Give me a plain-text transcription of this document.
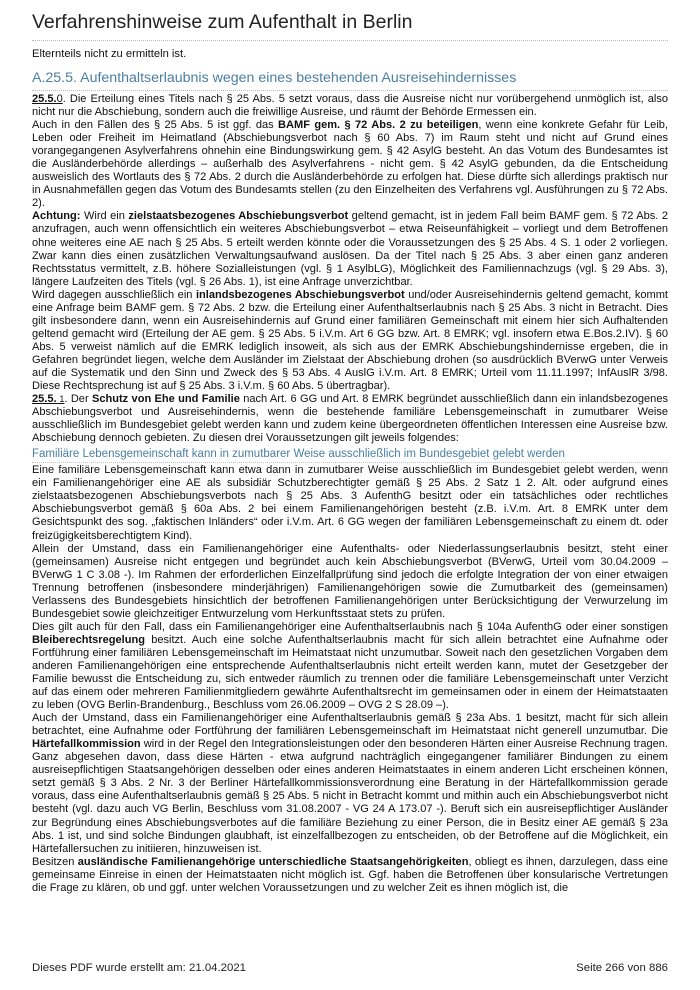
Verfahrenshinweise zum Aufenthalt in Berlin

Elternteils nicht zu ermitteln ist.

A.25.5. Aufenthaltserlaubnis wegen eines bestehenden Ausreisehindernisses

25.5.0. Die Erteilung eines Titels nach § 25 Abs. 5 setzt voraus, dass die Ausreise nicht nur vorübergehend unmöglich ist, also nicht nur die Abschiebung, sondern auch die freiwillige Ausreise, und räumt der Behörde Ermessen ein.

Auch in den Fällen des § 25 Abs. 5 ist ggf. das BAMF gem. § 72 Abs. 2 zu beteiligen, wenn eine konkrete Gefahr für Leib, Leben oder Freiheit im Heimatland (Abschiebungsverbot nach § 60 Abs. 7) im Raum steht und nicht auf Grund eines vorangegangenen Asylverfahrens ohnehin eine Bindungswirkung gem. § 42 AsylG besteht. An das Votum des Bundesamtes ist die Ausländerbehörde allerdings – außerhalb des Asylverfahrens - nicht gem. § 42 AsylG gebunden, da die Entscheidung ausweislich des Wortlauts des § 72 Abs. 2 durch die Ausländerbehörde zu erfolgen hat. Diese dürfte sich allerdings praktisch nur in Ausnahmefällen gegen das Votum des Bundesamts stellen (zu den Einzelheiten des Verfahrens vgl. Ausführungen zu § 72 Abs. 2).

Achtung: Wird ein zielstaatsbezogenes Abschiebungsverbot geltend gemacht, ist in jedem Fall beim BAMF gem. § 72 Abs. 2 anzufragen, auch wenn offensichtlich ein weiteres Abschiebungsverbot – etwa Reiseunfähigkeit – vorliegt und dem Betroffenen ohne weiteres eine AE nach § 25 Abs. 5 erteilt werden könnte oder die Voraussetzungen des § 25 Abs. 4 S. 1 oder 2 vorliegen. Zwar kann dies einen zusätzlichen Verwaltungsaufwand auslösen. Da der Titel nach § 25 Abs. 3 aber einen ganz anderen Rechtsstatus vermittelt, z.B. höhere Sozialleistungen (vgl. § 1 AsylbLG), Möglichkeit des Familiennachzugs (vgl. § 29 Abs. 3), längere Laufzeiten des Titels (vgl. § 26 Abs. 1), ist eine Anfrage unverzichtbar.

Wird dagegen ausschließlich ein inlandsbezogenes Abschiebungsverbot und/oder Ausreisehindernis geltend gemacht, kommt eine Anfrage beim BAMF gem. § 72 Abs. 2 bzw. die Erteilung einer Aufenthaltserlaubnis nach § 25 Abs. 3 nicht in Betracht. Dies gilt insbesondere dann, wenn ein Ausreisehindernis auf Grund einer familiären Gemeinschaft mit einem hier sich Aufhaltenden geltend gemacht wird (Erteilung der AE gem. § 25 Abs. 5 i.V.m. Art 6 GG bzw. Art. 8 EMRK; vgl. insofern etwa E.Bos.2.IV). § 60 Abs. 5 verweist nämlich auf die EMRK lediglich insoweit, als sich aus der EMRK Abschiebungshindernisse ergeben, die in Gefahren begründet liegen, welche dem Ausländer im Zielstaat der Abschiebung drohen (so ausdrücklich BVerwG unter Verweis auf die Systematik und den Sinn und Zweck des § 53 Abs. 4 AuslG i.V.m. Art. 8 EMRK; Urteil vom 11.11.1997; InfAuslR 3/98. Diese Rechtsprechung ist auf § 25 Abs. 3 i.V.m. § 60 Abs. 5 übertragbar).

25.5. 1. Der Schutz von Ehe und Familie nach Art. 6 GG und Art. 8 EMRK begründet ausschließlich dann ein inlandsbezogenes Abschiebungsverbot und Ausreisehindernis, wenn die bestehende familiäre Lebensgemeinschaft in zumutbarer Weise ausschließlich im Bundesgebiet gelebt werden kann und zudem keine übergeordneten öffentlichen Interessen eine Ausreise bzw. Abschiebung dennoch gebieten. Zu diesen drei Voraussetzungen gilt jeweils folgendes:

Familiäre Lebensgemeinschaft kann in zumutbarer Weise ausschließlich im Bundesgebiet gelebt werden

Eine familiäre Lebensgemeinschaft kann etwa dann in zumutbarer Weise ausschließlich im Bundesgebiet gelebt werden, wenn ein Familienangehöriger eine AE als subsidiär Schutzberechtigter gemäß § 25 Abs. 2 Satz 1 2. Alt. oder aufgrund eines zielstaatsbezogenen Abschiebungsverbots nach § 25 Abs. 3 AufenthG besitzt oder ein tatsächliches oder rechtliches Abschiebungsverbot gemäß § 60a Abs. 2 bei einem Familienangehörigen besteht (z.B. i.V.m. Art. 8 EMRK unter dem Gesichtspunkt des sog. „faktischen Inländers“ oder i.V.m. Art. 6 GG wegen der familiären Lebensgemeinschaft zu einem dt. oder freizügigkeitsberechtigtem Kind).

Allein der Umstand, dass ein Familienangehöriger eine Aufenthalts- oder Niederlassungserlaubnis besitzt, steht einer (gemeinsamen) Ausreise nicht entgegen und begründet auch kein Abschiebungsverbot (BVerwG, Urteil vom 30.04.2009 – BVerwG 1 C 3.08 -). Im Rahmen der erforderlichen Einzelfallprüfung sind jedoch die erfolgte Integration der von einer etwaigen Trennung betroffenen (insbesondere minderjährigen) Familienangehörigen sowie die Zumutbarkeit des (gemeinsamen) Verlassens des Bundesgebiets hinsichtlich der betroffenen Familienangehörigen unter Berücksichtigung der Verwurzelung im Bundesgebiet sowie gleichzeitiger Entwurzelung vom Herkunftsstaat stets zu prüfen.

Dies gilt auch für den Fall, dass ein Familienangehöriger eine Aufenthaltserlaubnis nach § 104a AufenthG oder einer sonstigen Bleiberechtsregelung besitzt. Auch eine solche Aufenthaltserlaubnis macht für sich allein betrachtet eine Aufnahme oder Fortführung einer familiären Lebensgemeinschaft im Heimatstaat nicht unzumutbar. Soweit nach den gesetzlichen Vorgaben dem anderen Familienangehörigen eine entsprechende Aufenthaltserlaubnis nicht erteilt werden kann, mutet der Gesetzgeber der Familie bewusst die Entscheidung zu, sich entweder räumlich zu trennen oder die familiäre Lebensgemeinschaft unter Verzicht auf das einem oder mehreren Familienmitgliedern gewährte Aufenthaltsrecht im gemeinsamen oder in einem der Heimatstaaten zu leben (OVG Berlin-Brandenburg., Beschluss vom 26.06.2009 – OVG 2 S 28.09 –).

Auch der Umstand, dass ein Familienangehöriger eine Aufenthaltserlaubnis gemäß § 23a Abs. 1 besitzt, macht für sich allein betrachtet, eine Aufnahme oder Fortführung der familiären Lebensgemeinschaft im Heimatstaat nicht generell unzumutbar. Die Härtefallkommission wird in der Regel den Integrationsleistungen oder den besonderen Härten einer Ausreise Rechnung tragen. Ganz abgesehen davon, dass diese Härten - etwa aufgrund nachträglich eingegangener familiärer Bindungen zu einem ausreisepflichtigen Staatsangehörigen desselben oder eines anderen Heimatstaates in einem anderen Licht erscheinen können, setzt gemäß § 3 Abs. 2 Nr. 3 der Berliner Härtefallkommissionsverordnung eine Beratung in der Härtefallkommission gerade voraus, dass eine Aufenthaltserlaubnis gemäß § 25 Abs. 5 nicht in Betracht kommt und mithin auch ein Abschiebungsverbot nicht besteht (vgl. dazu auch VG Berlin, Beschluss vom 31.08.2007 - VG 24 A 173.07 -). Beruft sich ein ausreisepflichtiger Ausländer zur Begründung eines Abschiebungsverbotes auf die familiäre Beziehung zu einer Person, die in Besitz einer AE gemäß § 23a Abs. 1 ist, und sind solche Bindungen glaubhaft, ist einzelfallbezogen zu entscheiden, ob der Betroffene auf die Möglichkeit, ein Härtefallersuchen zu initiieren, hinzuweisen ist.

Besitzen ausländische Familienangehörige unterschiedliche Staatsangehörigkeiten, obliegt es ihnen, darzulegen, dass eine gemeinsame Einreise in einen der Heimatstaaten nicht möglich ist. Ggf. haben die Betroffenen über konsularische Vertretungen die Frage zu klären, ob und ggf. unter welchen Voraussetzungen und zu welcher Zeit es ihnen möglich ist, die

Dieses PDF wurde erstellt am: 21.04.2021	Seite 266 von 886
